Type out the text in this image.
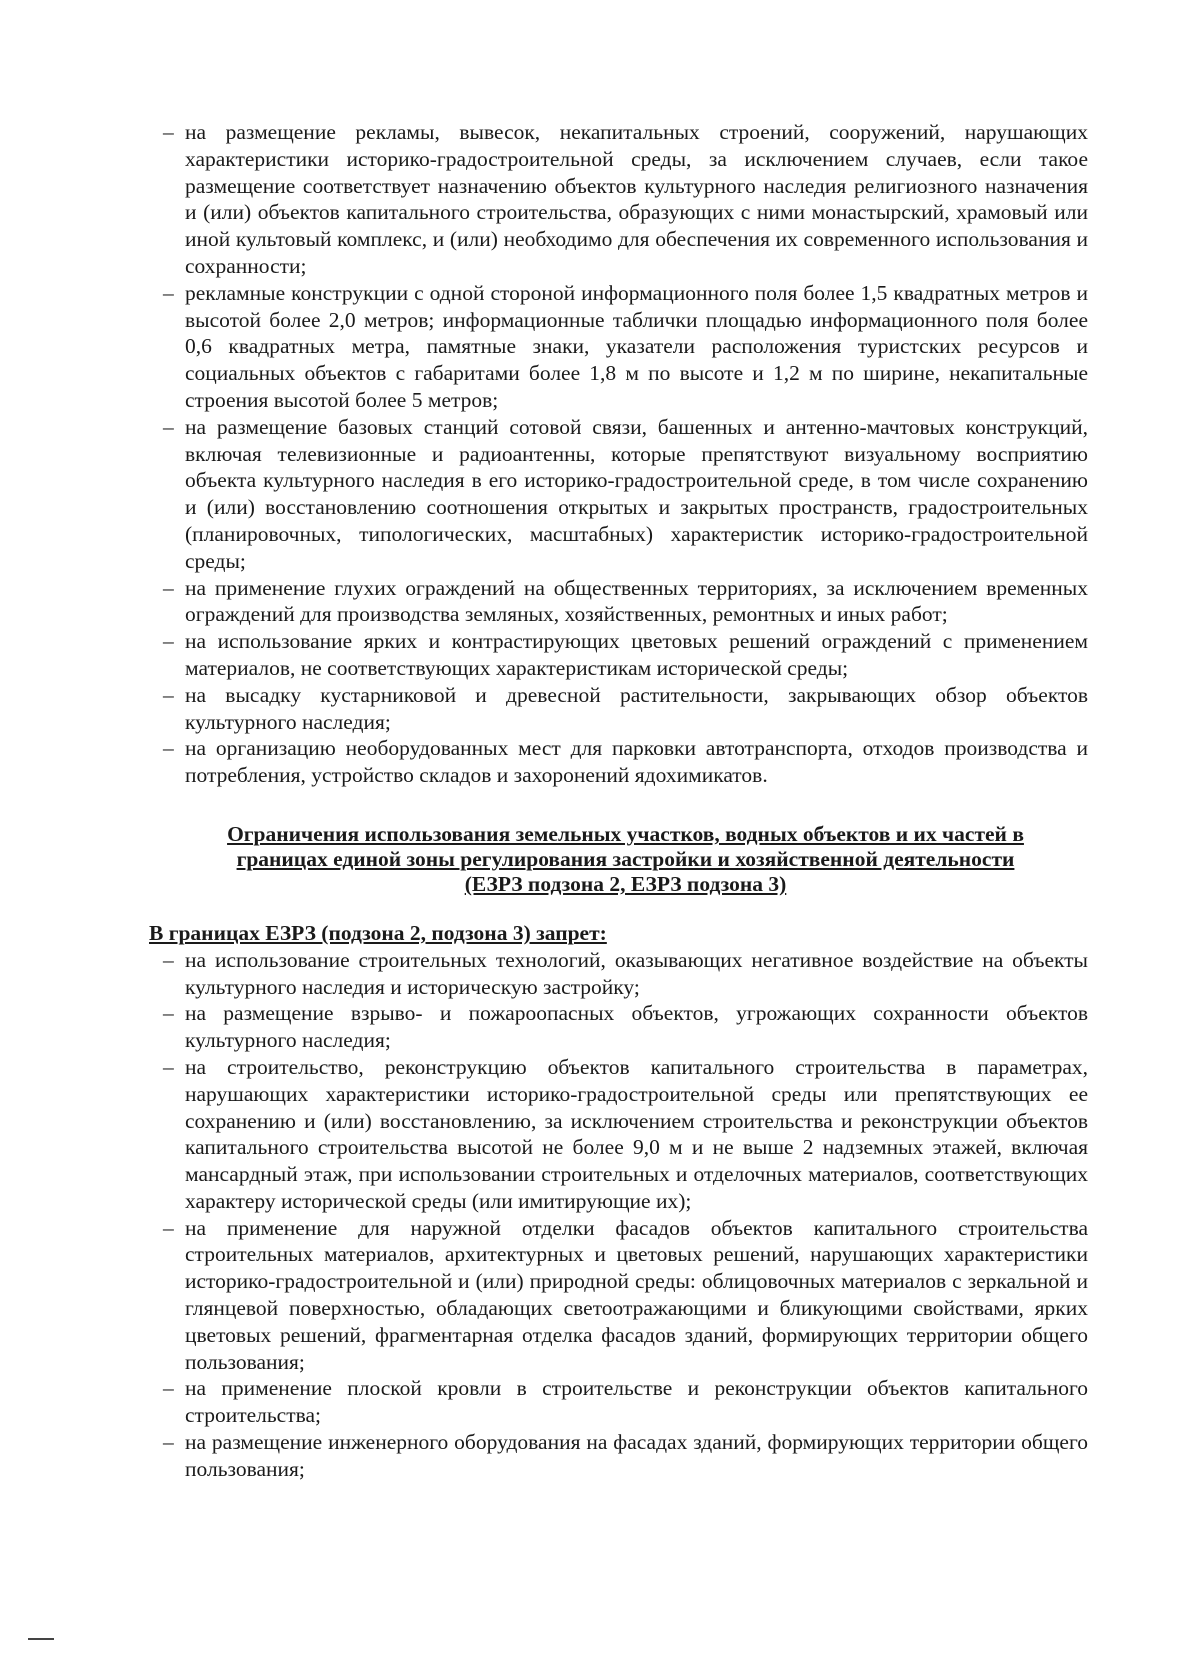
– на размещение рекламы, вывесок, некапитальных строений, сооружений, нарушающих характеристики историко-градостроительной среды, за исключением случаев, если такое размещение соответствует назначению объектов культурного наследия религиозного назначения и (или) объектов капитального строительства, образующих с ними монастырский, храмовый или иной культовый комплекс, и (или) необходимо для обеспечения их современного использования и сохранности;
– рекламные конструкции с одной стороной информационного поля более 1,5 квадратных метров и высотой более 2,0 метров; информационные таблички площадью информационного поля более 0,6 квадратных метра, памятные знаки, указатели расположения туристских ресурсов и социальных объектов с габаритами более 1,8 м по высоте и 1,2 м по ширине, некапитальные строения высотой более 5 метров;
– на размещение базовых станций сотовой связи, башенных и антенно-мачтовых конструкций, включая телевизионные и радиоантенны, которые препятствуют визуальному восприятию объекта культурного наследия в его историко-градостроительной среде, в том числе сохранению и (или) восстановлению соотношения открытых и закрытых пространств, градостроительных (планировочных, типологических, масштабных) характеристик историко-градостроительной среды;
– на применение глухих ограждений на общественных территориях, за исключением временных ограждений для производства земляных, хозяйственных, ремонтных и иных работ;
– на использование ярких и контрастирующих цветовых решений ограждений с применением материалов, не соответствующих характеристикам исторической среды;
– на высадку кустарниковой и древесной растительности, закрывающих обзор объектов культурного наследия;
– на организацию необорудованных мест для парковки автотранспорта, отходов производства и потребления, устройство складов и захоронений ядохимикатов.
Ограничения использования земельных участков, водных объектов и их частей в
границах единой зоны регулирования застройки и хозяйственной деятельности
(ЕЗРЗ подзона 2, ЕЗРЗ подзона 3)
В границах ЕЗРЗ (подзона 2, подзона 3) запрет:
– на использование строительных технологий, оказывающих негативное воздействие на объекты культурного наследия и историческую застройку;
– на размещение взрыво- и пожароопасных объектов, угрожающих сохранности объектов культурного наследия;
– на строительство, реконструкцию объектов капитального строительства в параметрах, нарушающих характеристики историко-градостроительной среды или препятствующих ее сохранению и (или) восстановлению, за исключением строительства и реконструкции объектов капитального строительства высотой не более 9,0 м и не выше 2 надземных этажей, включая мансардный этаж, при использовании строительных и отделочных материалов, соответствующих характеру исторической среды (или имитирующие их);
– на применение для наружной отделки фасадов объектов капитального строительства строительных материалов, архитектурных и цветовых решений, нарушающих характеристики историко-градостроительной и (или) природной среды: облицовочных материалов с зеркальной и глянцевой поверхностью, обладающих светоотражающими и бликующими свойствами, ярких цветовых решений, фрагментарная отделка фасадов зданий, формирующих территории общего пользования;
– на применение плоской кровли в строительстве и реконструкции объектов капитального строительства;
– на размещение инженерного оборудования на фасадах зданий, формирующих территории общего пользования;
